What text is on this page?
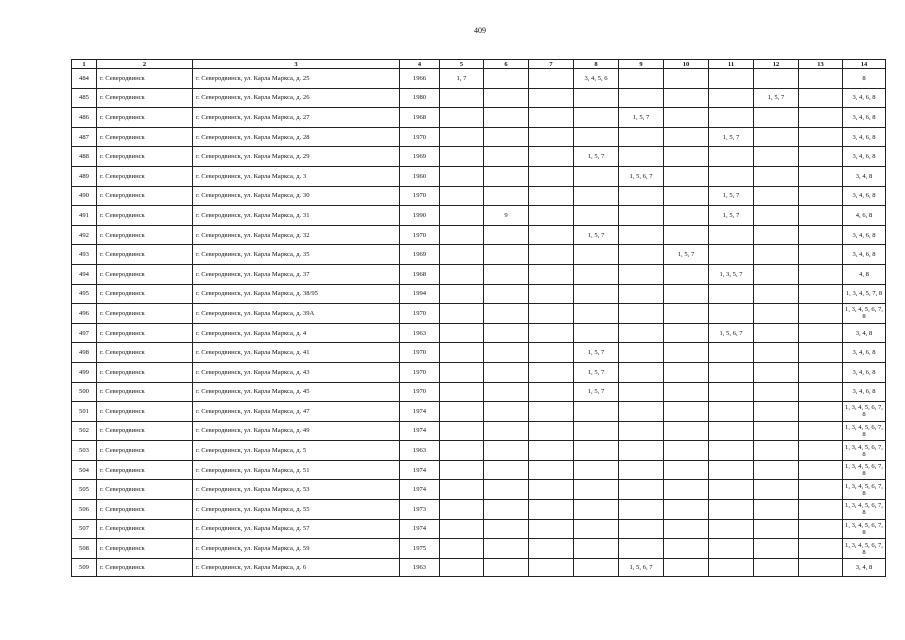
409
1	2	3	4	5	6	7	8	9	10	11	12	13	14
484	г. Северодвинск	г. Северодвинск, ул. Карла Маркса, д. 25	1966	1, 7			3, 4, 5, 6						8
485	г. Северодвинск	г. Северодвинск, ул. Карла Маркса, д. 26	1980								1, 5, 7		3, 4, 6, 8
486	г. Северодвинск	г. Северодвинск, ул. Карла Маркса, д. 27	1968					1, 5, 7					3, 4, 6, 8
487	г. Северодвинск	г. Северодвинск, ул. Карла Маркса, д. 28	1970							1, 5, 7			3, 4, 6, 8
488	г. Северодвинск	г. Северодвинск, ул. Карла Маркса, д. 29	1969				1, 5, 7						3, 4, 6, 8
489	г. Северодвинск	г. Северодвинск, ул. Карла Маркса, д. 3	1960					1, 5, 6, 7					3, 4, 8
490	г. Северодвинск	г. Северодвинск, ул. Карла Маркса, д. 30	1970							1, 5, 7			3, 4, 6, 8
491	г. Северодвинск	г. Северодвинск, ул. Карла Маркса, д. 31	1990		9					1, 5, 7			4, 6, 8
492	г. Северодвинск	г. Северодвинск, ул. Карла Маркса, д. 32	1970				1, 5, 7						3, 4, 6, 8
493	г. Северодвинск	г. Северодвинск, ул. Карла Маркса, д. 35	1969						1, 5, 7				3, 4, 6, 8
494	г. Северодвинск	г. Северодвинск, ул. Карла Маркса, д. 37	1968							1, 3, 5, 7			4, 8
495	г. Северодвинск	г. Северодвинск, ул. Карла Маркса, д. 38/95	1994										1, 3, 4, 5, 7, 8
496	г. Северодвинск	г. Северодвинск, ул. Карла Маркса, д. 39А	1970										1, 3, 4, 5, 6, 7, 8
497	г. Северодвинск	г. Северодвинск, ул. Карла Маркса, д. 4	1963							1, 5, 6, 7			3, 4, 8
498	г. Северодвинск	г. Северодвинск, ул. Карла Маркса, д. 41	1970				1, 5, 7						3, 4, 6, 8
499	г. Северодвинск	г. Северодвинск, ул. Карла Маркса, д. 43	1970				1, 5, 7						3, 4, 6, 8
500	г. Северодвинск	г. Северодвинск, ул. Карла Маркса, д. 45	1970				1, 5, 7						3, 4, 6, 8
501	г. Северодвинск	г. Северодвинск, ул. Карла Маркса, д. 47	1974										1, 3, 4, 5, 6, 7, 8
502	г. Северодвинск	г. Северодвинск, ул. Карла Маркса, д. 49	1974										1, 3, 4, 5, 6, 7, 8
503	г. Северодвинск	г. Северодвинск, ул. Карла Маркса, д. 5	1963										1, 3, 4, 5, 6, 7, 8
504	г. Северодвинск	г. Северодвинск, ул. Карла Маркса, д. 51	1974										1, 3, 4, 5, 6, 7, 8
505	г. Северодвинск	г. Северодвинск, ул. Карла Маркса, д. 53	1974										1, 3, 4, 5, 6, 7, 8
506	г. Северодвинск	г. Северодвинск, ул. Карла Маркса, д. 55	1973										1, 3, 4, 5, 6, 7, 8
507	г. Северодвинск	г. Северодвинск, ул. Карла Маркса, д. 57	1974										1, 3, 4, 5, 6, 7, 8
508	г. Северодвинск	г. Северодвинск, ул. Карла Маркса, д. 59	1975										1, 3, 4, 5, 6, 7, 8
509	г. Северодвинск	г. Северодвинск, ул. Карла Маркса, д. 6	1963					1, 5, 6, 7					3, 4, 8
